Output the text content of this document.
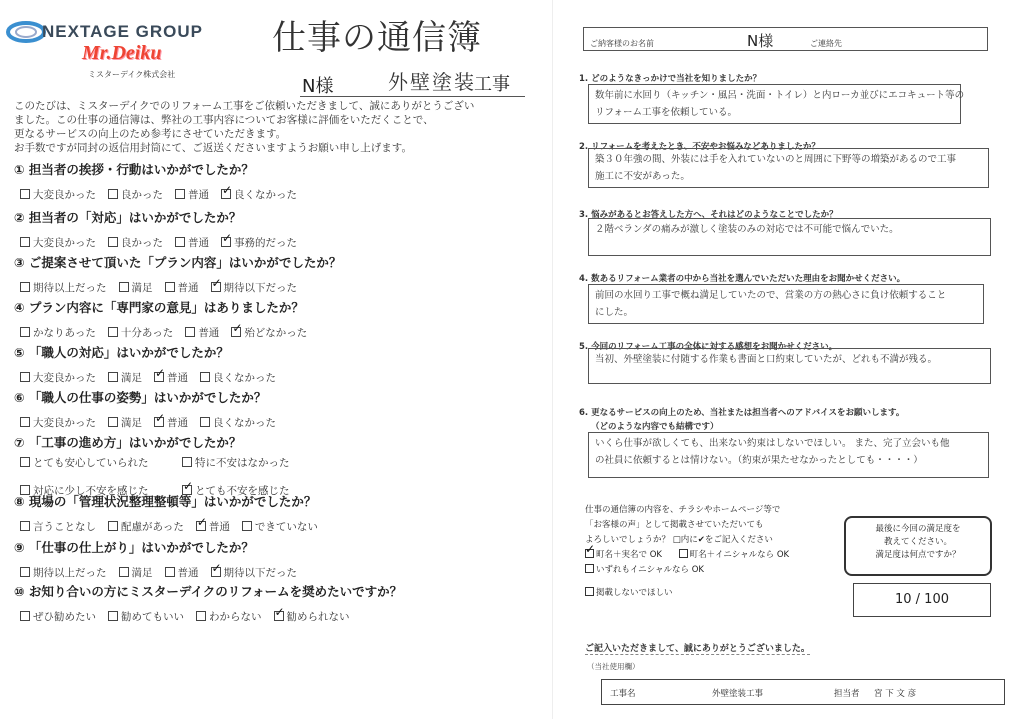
NEXTAGE GROUP
Mr.Deiku
ミスターデイク株式会社
仕事の通信簿
N様	外壁塗装
工事
このたびは、ミスターデイクでのリフォーム工事をご依頼いただきまして、誠にありがとうござい
ました。この仕事の通信簿は、弊社の工事内容についてお客様に評価をいただくことで、
更なるサービスの向上のため参考にさせていただきます。
お手数ですが同封の返信用封筒にて、ご返送くださいますようお願い申し上げます。
① 担当者の挨拶・行動はいかがでしたか？
大変良かった 良かった 普通 ✓ 良くなかった
② 担当者の「対応」はいかがでしたか？
大変良かった 良かった 普通 ✓ 事務的だった
③ ご提案させて頂いた「プラン内容」はいかがでしたか？
期待以上だった 満足 普通 ✓ 期待以下だった
④ プラン内容に「専門家の意見」はありましたか？
かなりあった 十分あった 普通 ✓ 殆どなかった
⑤ 「職人の対応」はいかがでしたか？
大変良かった 満足 ✓ 普通 良くなかった
⑥ 「職人の仕事の姿勢」はいかがでしたか？
大変良かった 満足 ✓ 普通 良くなかった
⑦ 「工事の進め方」はいかがでしたか？
とても安心していられた	特に不安はなかった
対応に少し不安を感じた ✓	とても不安を感じた
⑧ 現場の「管理状況整理整頓等」はいかがでしたか？
言うことなし 配慮があった ✓ 普通 できていない
⑨ 「仕事の仕上がり」はいかがでしたか？
期待以上だった 満足 普通 ✓ 期待以下だった
⑩ お知り合いの方にミスターデイクのリフォームを奨めたいですか？
ぜひ勧めたい 勧めてもいい わからない ✓ 勧められない
ご納客様のお名前	N様	ご連絡先
1. どのようなきっかけで当社を知りましたか？
数年前に水回り（キッチン・風呂・洗面・トイレ）と内ローカ並びにエコキュート等の
リフォーム工事を依頼している。
2. リフォームを考えたとき、不安やお悩みなどありましたか？
築３０年強の間、外装には手を入れていないのと周囲に下野等の増築があるので工事
施工に不安があった。
3. 悩みがあるとお答えした方へ、それはどのようなことでしたか？
２階ベランダの痛みが激しく塗装のみの対応では不可能で悩んでいた。
4. 数あるリフォーム業者の中から当社を選んでいただいた理由をお聞かせください。
前回の水回り工事で概ね満足していたので、営業の方の熱心さに負け依頼すること
にした。
5. 今回のリフォーム工事の全体に対する感想をお聞かせください。
当初、外壁塗装に付随する作業も書面と口約束していたが、どれも不満が残る。
6. 更なるサービスの向上のため、当社または担当者へのアドバイスをお願いします。
（どのような内容でも結構です）
いくら仕事が欲しくても、出来ない約束はしないでほしい。 また、完了立会いも他
の社員に依頼するとは情けない。（約束が果たせなかったとしても・・・・）
仕事の通信簿の内容を、チラシやホームページ等で
「お客様の声」として掲載させていただいても
よろしいでしょうか？ □内に✔をご記入ください
✓町名＋実名で OK	町名＋イニシャルなら OK
いずれもイニシャルなら OK
掲載しないでほしい
最後に今回の満足度を
教えてください。
満足度は何点ですか？
10 / 100
ご記入いただきまして、誠にありがとうございました。
（当社使用欄）
工事名	外壁塗装工事	担当者 宮 下 文 彦
